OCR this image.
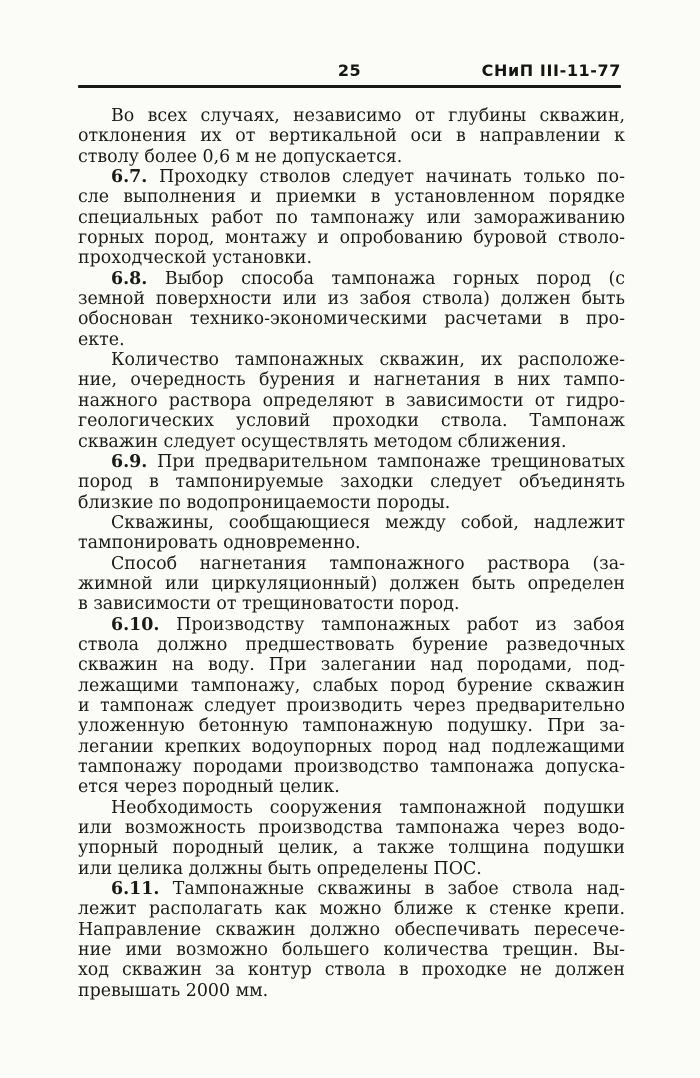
25	СНиП III-11-77
Во всех случаях, независимо от глубины скважин,
отклонения их от вертикальной оси в направлении к
стволу более 0,6 м не допускается.
6.7. Проходку стволов следует начинать только по-
сле выполнения и приемки в установленном порядке
специальных работ по тампонажу или замораживанию
горных пород, монтажу и опробованию буровой стволо-
проходческой установки.
6.8. Выбор способа тампонажа горных пород (с
земной поверхности или из забоя ствола) должен быть
обоснован технико-экономическими расчетами в про-
екте.
Количество тампонажных скважин, их расположе-
ние, очередность бурения и нагнетания в них тампо-
нажного раствора определяют в зависимости от гидро-
геологических условий проходки ствола. Тампонаж
скважин следует осуществлять методом сближения.
6.9. При предварительном тампонаже трещиноватых
пород в тампонируемые заходки следует объединять
близкие по водопроницаемости породы.
Скважины, сообщающиеся между собой, надлежит
тампонировать одновременно.
Способ нагнетания тампонажного раствора (за-
жимной или циркуляционный) должен быть определен
в зависимости от трещиноватости пород.
6.10. Производству тампонажных работ из забоя
ствола должно предшествовать бурение разведочных
скважин на воду. При залегании над породами, под-
лежащими тампонажу, слабых пород бурение скважин
и тампонаж следует производить через предварительно
уложенную бетонную тампонажную подушку. При за-
легании крепких водоупорных пород над подлежащими
тампонажу породами производство тампонажа допуска-
ется через породный целик.
Необходимость сооружения тампонажной подушки
или возможность производства тампонажа через водо-
упорный породный целик, а также толщина подушки
или целика должны быть определены ПОС.
6.11. Тампонажные скважины в забое ствола над-
лежит располагать как можно ближе к стенке крепи.
Направление скважин должно обеспечивать пересече-
ние ими возможно большего количества трещин. Вы-
ход скважин за контур ствола в проходке не должен
превышать 2000 мм.
